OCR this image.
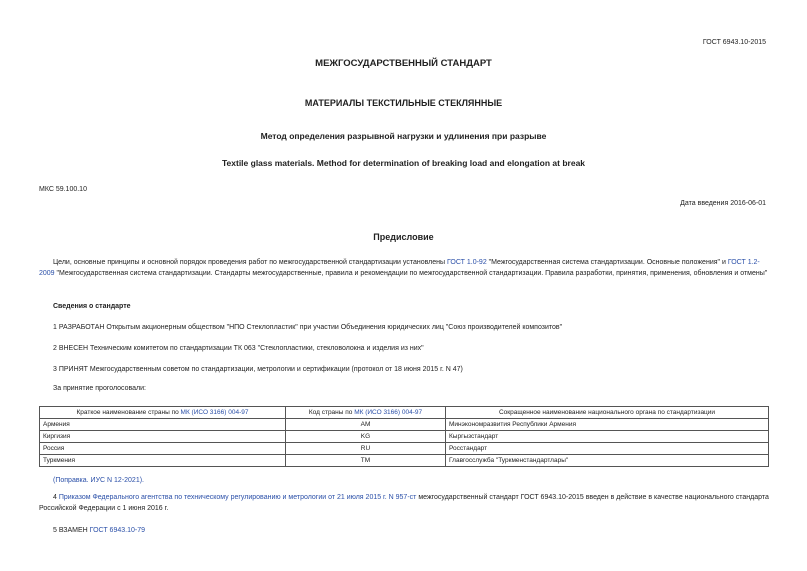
ГОСТ 6943.10-2015
МЕЖГОСУДАРСТВЕННЫЙ СТАНДАРТ
МАТЕРИАЛЫ ТЕКСТИЛЬНЫЕ СТЕКЛЯННЫЕ
Метод определения разрывной нагрузки и удлинения при разрыве
Textile glass materials. Method for determination of breaking load and elongation at break
МКС 59.100.10
Дата введения 2016-06-01
Предисловие
Цели, основные принципы и основной порядок проведения работ по межгосударственной стандартизации установлены ГОСТ 1.0-92 "Межгосударственная система стандартизации. Основные положения" и ГОСТ 1.2-2009 "Межгосударственная система стандартизации. Стандарты межгосударственные, правила и рекомендации по межгосударственной стандартизации. Правила разработки, принятия, применения, обновления и отмены"
Сведения о стандарте
1 РАЗРАБОТАН Открытым акционерным обществом "НПО Стеклопластик" при участии Объединения юридических лиц "Союз производителей композитов"
2 ВНЕСЕН Техническим комитетом по стандартизации ТК 063 "Стеклопластики, стекловолокна и изделия из них"
3 ПРИНЯТ Межгосударственным советом по стандартизации, метрологии и сертификации (протокол от 18 июня 2015 г. N 47)
За принятие проголосовали:
Краткое наименование страны по МК (ИСО 3166) 004-97	Код страны по МК (ИСО 3166) 004-97	Сокращенное наименование национального органа по стандартизации
Армения	AM	Минэкономразвития Республики Армения
Киргизия	KG	Кыргызстандарт
Россия	RU	Росстандарт
Туркмения	TM	Главгосслужба "Туркменстандартлары"
(Поправка. ИУС N 12-2021).
4 Приказом Федерального агентства по техническому регулированию и метрологии от 21 июля 2015 г. N 957-ст межгосударственный стандарт ГОСТ 6943.10-2015 введен в действие в качестве национального стандарта Российской Федерации с 1 июня 2016 г.
5 ВЗАМЕН ГОСТ 6943.10-79
